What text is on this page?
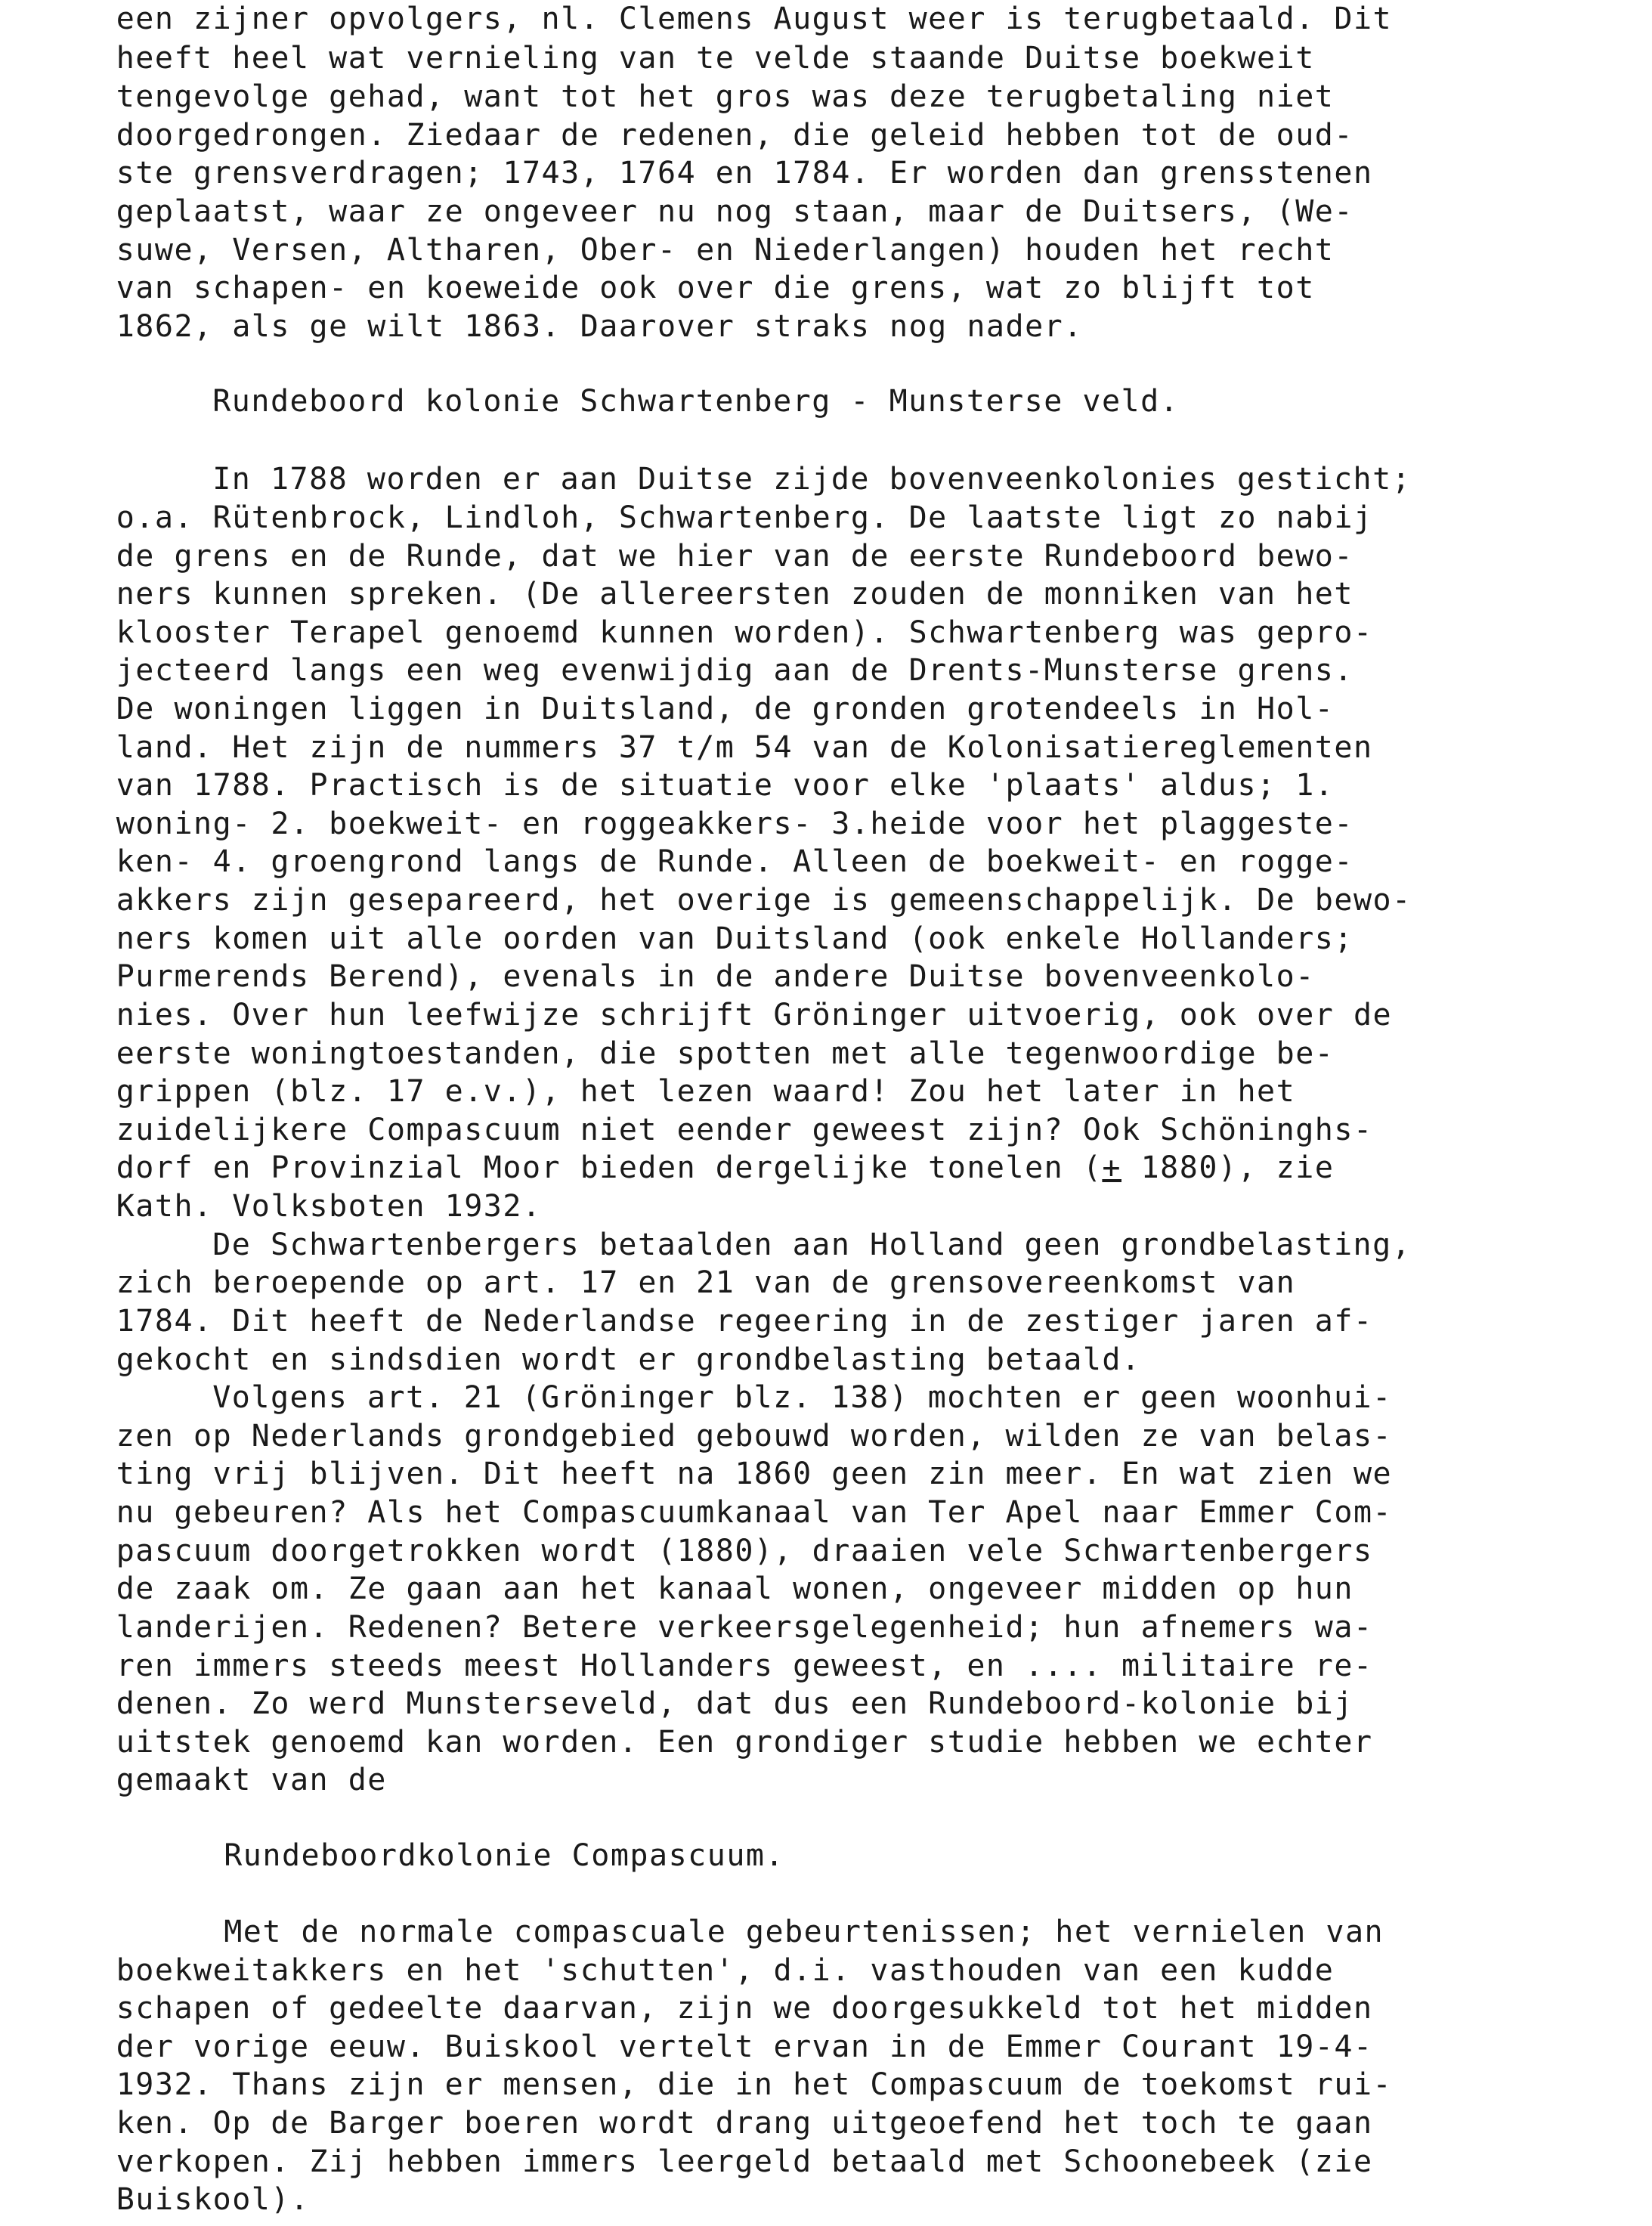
een zijner opvolgers, nl. Clemens August weer is terugbetaald. Dit
heeft heel wat vernieling van te velde staande Duitse boekweit
tengevolge gehad, want tot het gros was deze terugbetaling niet
doorgedrongen. Ziedaar de redenen, die geleid hebben tot de oud-
ste grensverdragen; 1743, 1764 en 1784. Er worden dan grensstenen
geplaatst, waar ze ongeveer nu nog staan, maar de Duitsers, (We-
suwe, Versen, Altharen, Ober- en Niederlangen) houden het recht
van schapen- en koeweide ook over die grens, wat zo blijft tot
1862, als ge wilt 1863. Daarover straks nog nader.
Rundeboord kolonie Schwartenberg - Munsterse veld.
In 1788 worden er aan Duitse zijde bovenveenkolonies gesticht;
o.a. Rütenbrock, Lindloh, Schwartenberg. De laatste ligt zo nabij
de grens en de Runde, dat we hier van de eerste Rundeboord bewo-
ners kunnen spreken. (De allereersten zouden de monniken van het
klooster Terapel genoemd kunnen worden). Schwartenberg was gepro-
jecteerd langs een weg evenwijdig aan de Drents-Munsterse grens.
De woningen liggen in Duitsland, de gronden grotendeels in Hol-
land. Het zijn de nummers 37 t/m 54 van de Kolonisatiereglementen
van 1788. Practisch is de situatie voor elke 'plaats' aldus; 1.
woning- 2. boekweit- en roggeakkers- 3.heide voor het plaggeste-
ken- 4. groengrond langs de Runde. Alleen de boekweit- en rogge-
akkers zijn gesepareerd, het overige is gemeenschappelijk. De bewo-
ners komen uit alle oorden van Duitsland (ook enkele Hollanders;
Purmerends Berend), evenals in de andere Duitse bovenveenkolo-
nies. Over hun leefwijze schrijft Gröninger uitvoerig, ook over de
eerste woningtoestanden, die spotten met alle tegenwoordige be-
grippen (blz. 17 e.v.), het lezen waard! Zou het later in het
zuidelijkere Compascuum niet eender geweest zijn? Ook Schöninghs-
dorf en Provinzial Moor bieden dergelijke tonelen (+ 1880), zie
Kath. Volksboten 1932.
De Schwartenbergers betaalden aan Holland geen grondbelasting,
zich beroepende op art. 17 en 21 van de grensovereenkomst van
1784. Dit heeft de Nederlandse regeering in de zestiger jaren af-
gekocht en sindsdien wordt er grondbelasting betaald.
Volgens art. 21 (Gröninger blz. 138) mochten er geen woonhui-
zen op Nederlands grondgebied gebouwd worden, wilden ze van belas-
ting vrij blijven. Dit heeft na 1860 geen zin meer. En wat zien we
nu gebeuren? Als het Compascuumkanaal van Ter Apel naar Emmer Com-
pascuum doorgetrokken wordt (1880), draaien vele Schwartenbergers
de zaak om. Ze gaan aan het kanaal wonen, ongeveer midden op hun
landerijen. Redenen? Betere verkeersgelegenheid; hun afnemers wa-
ren immers steeds meest Hollanders geweest, en .... militaire re-
denen. Zo werd Munsterseveld, dat dus een Rundeboord-kolonie bij
uitstek genoemd kan worden. Een grondiger studie hebben we echter
gemaakt van de
Rundeboordkolonie Compascuum.
Met de normale compascuale gebeurtenissen; het vernielen van
boekweitakkers en het 'schutten', d.i. vasthouden van een kudde
schapen of gedeelte daarvan, zijn we doorgesukkeld tot het midden
der vorige eeuw. Buiskool vertelt ervan in de Emmer Courant 19-4-
1932. Thans zijn er mensen, die in het Compascuum de toekomst rui-
ken. Op de Barger boeren wordt drang uitgeoefend het toch te gaan
verkopen. Zij hebben immers leergeld betaald met Schoonebeek (zie
Buiskool).
